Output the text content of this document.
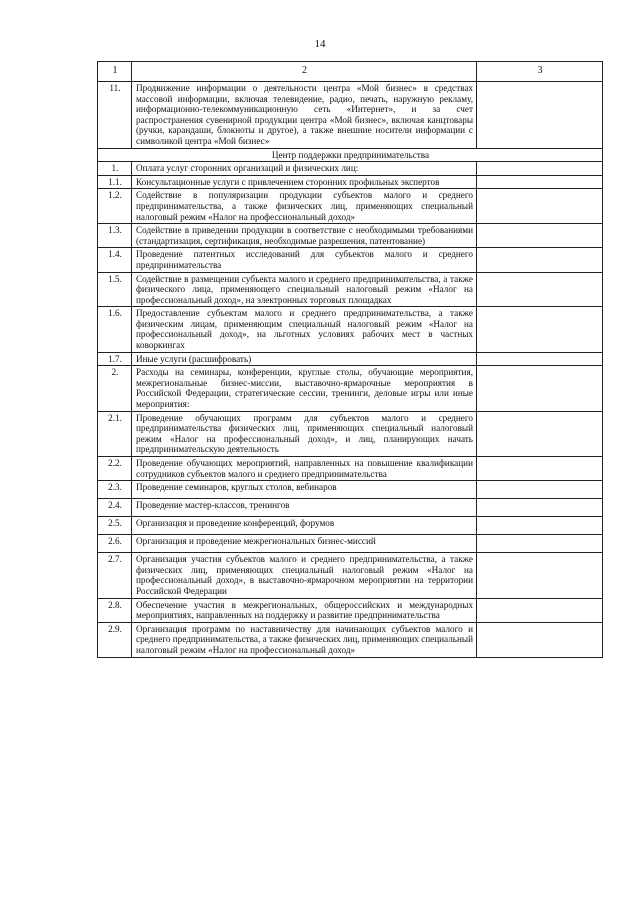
14
1	2	3
11.	Продвижение информации о деятельности центра «Мой бизнес» в средствах массовой информации, включая телевидение, радио, печать, наружную рекламу, информационно-телекоммуникационную сеть «Интернет», и за счет распространения сувенирной продукции центра «Мой бизнес», включая канцтовары (ручки, карандаши, блокноты и другое), а также внешние носители информации с символикой центра «Мой бизнес»	
Центр поддержки предпринимательства		
1.	Оплата услуг сторонних организаций и физических лиц:	
1.1.	Консультационные услуги с привлечением сторонних профильных экспертов	
1.2.	Содействие в популяризации продукции субъектов малого и среднего предпринимательства, а также физических лиц, применяющих специальный налоговый режим «Налог на профессиональный доход»	
1.3.	Содействие в приведении продукции в соответствие с необходимыми требованиями (стандартизация, сертификация, необходимые разрешения, патентование)	
1.4.	Проведение патентных исследований для субъектов малого и среднего предпринимательства	
1.5.	Содействие в размещении субъекта малого и среднего предпринимательства, а также физического лица, применяющего специальный налоговый режим «Налог на профессиональный доход», на электронных торговых площадках	
1.6.	Предоставление субъектам малого и среднего предпринимательства, а также физическим лицам, применяющим специальный налоговый режим «Налог на профессиональный доход», на льготных условиях рабочих мест в частных коворкингах	
1.7.	Иные услуги (расшифровать)	
2.	Расходы на семинары, конференции, круглые столы, обучающие мероприятия, межрегиональные бизнес-миссии, выставочно-ярмарочные мероприятия в Российской Федерации, стратегические сессии, тренинги, деловые игры или иные мероприятия:	
2.1.	Проведение обучающих программ для субъектов малого и среднего предпринимательства физических лиц, применяющих специальный налоговый режим «Налог на профессиональный доход», и лиц, планирующих начать предпринимательскую деятельность	
2.2.	Проведение обучающих мероприятий, направленных на повышение квалификации сотрудников субъектов малого и среднего предпринимательства	
2.3.	Проведение семинаров, круглых столов, вебинаров	
2.4.	Проведение мастер-классов, тренингов	
2.5.	Организация и проведение конференций, форумов	
2.6.	Организация и проведение межрегиональных бизнес-миссий	
2.7.	Организация участия субъектов малого и среднего предпринимательства, а также физических лиц, применяющих специальный налоговый режим «Налог на профессиональный доход», в выставочно-ярмарочном мероприятии на территории Российской Федерации	
2.8.	Обеспечение участия в межрегиональных, общероссийских и международных мероприятиях, направленных на поддержку и развитие предпринимательства	
2.9.	Организация программ по наставничеству для начинающих субъектов малого и среднего предпринимательства, а также физических лиц, применяющих специальный налоговый режим «Налог на профессиональный доход»	
